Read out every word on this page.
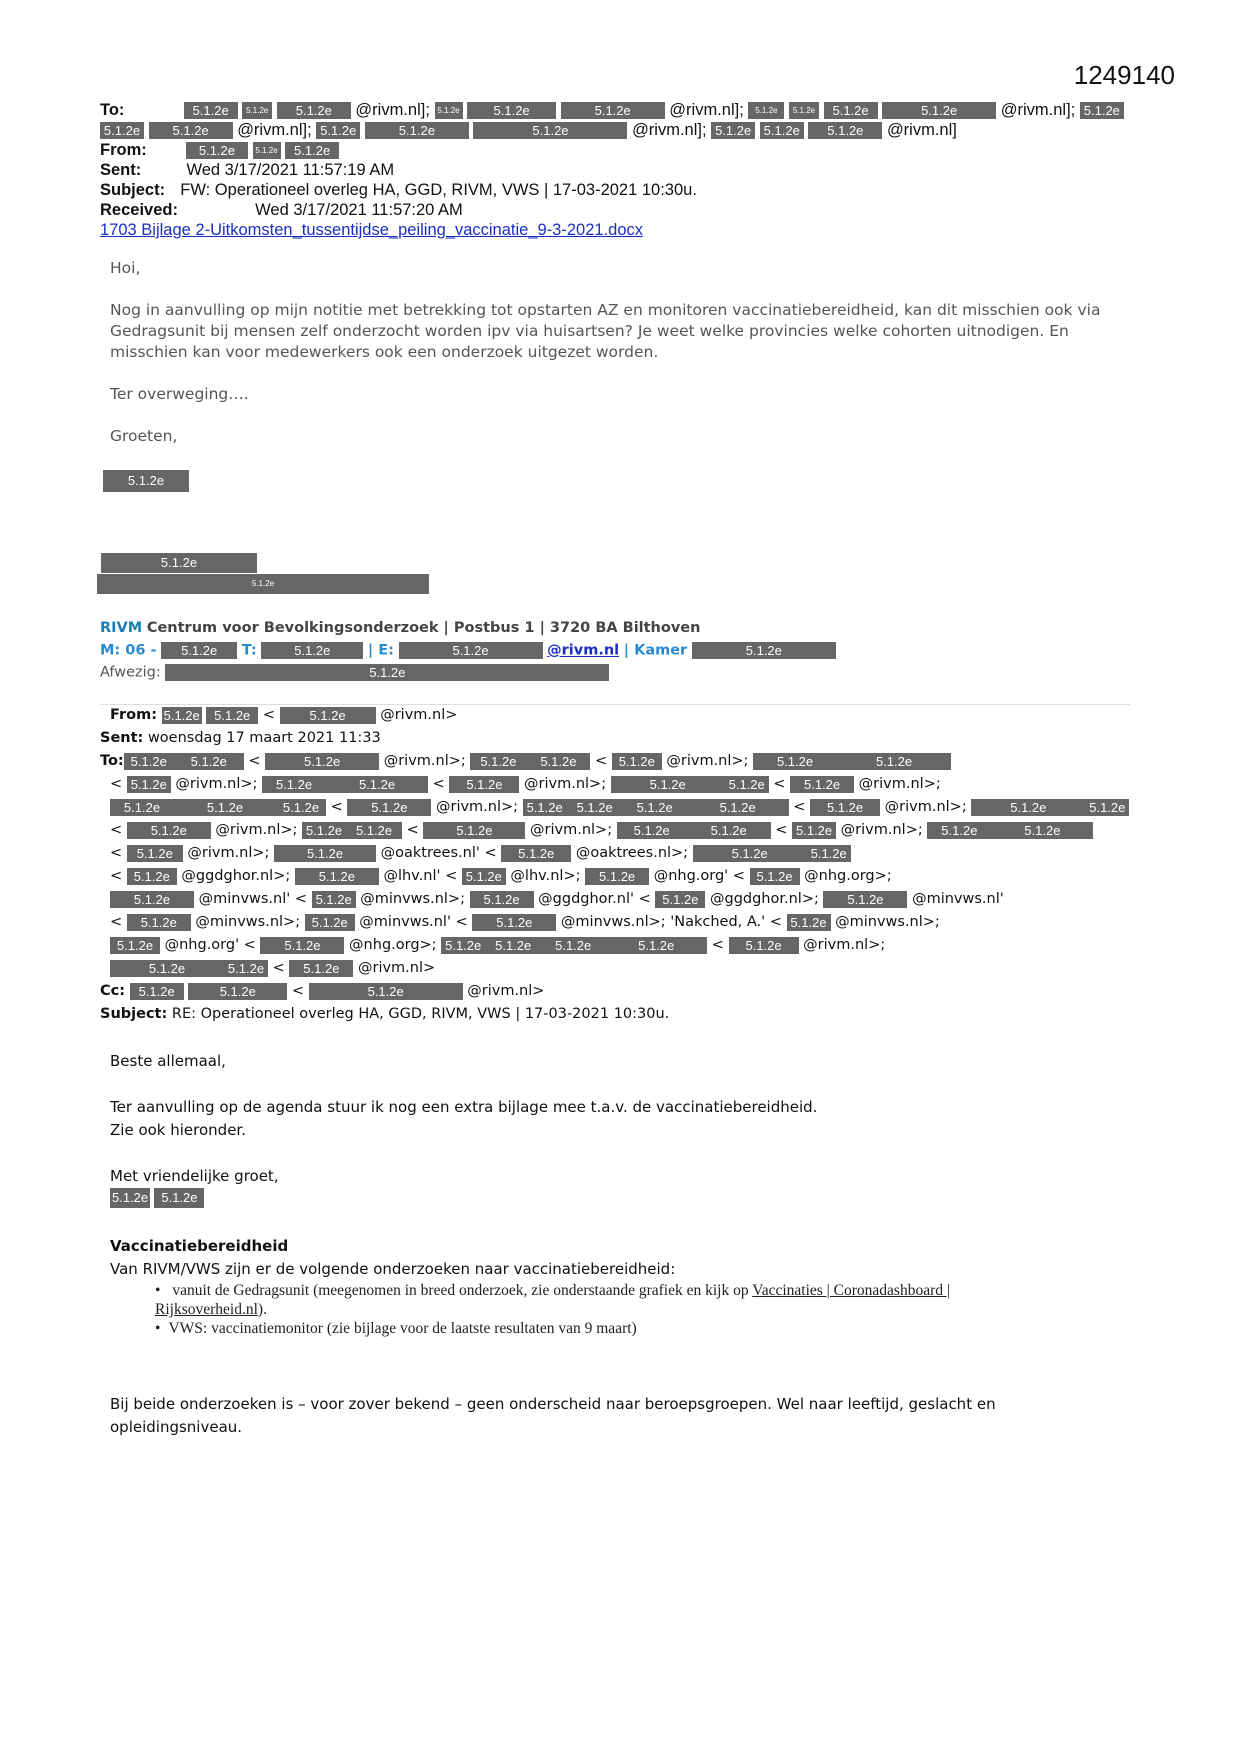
1249140
To:	5.1.2e 5.1.2e 5.1.2e @rivm.nl]; 5.1.2e	5.1.2e	5.1.2e @rivm.nl]; 5.1.2e 5.1.2e 5.1.2e	5.1.2e	@rivm.nl]; 5.1.2e
5.1.2e 5.1.2e @rivm.nl]; 5.1.2e	5.1.2e	5.1.2e	@rivm.nl]; 5.1.2e 5.1.2e 5.1.2e @rivm.nl]
From:	5.1.2e	5.1.2e 5.1.2e
Sent:	Wed 3/17/2021 11:57:19 AM
Subject: FW: Operationeel overleg HA, GGD, RIVM, VWS | 17-03-2021 10:30u.
Received:	Wed 3/17/2021 11:57:20 AM
1703 Bijlage 2-Uitkomsten_tussentijdse_peiling_vaccinatie_9-3-2021.docx
Hoi,
Nog in aanvulling op mijn notitie met betrekking tot opstarten AZ en monitoren vaccinatiebereidheid, kan dit misschien ook via Gedragsunit bij mensen zelf onderzocht worden ipv via huisartsen? Je weet welke provincies welke cohorten uitnodigen. En misschien kan voor medewerkers ook een onderzoek uitgezet worden.
Ter overweging….
Groeten,
5.1.2e
5.1.2e
5.1.2e
RIVM Centrum voor Bevolkingsonderzoek | Postbus 1 | 3720 BA Bilthoven
M: 06 - 5.1.2e T:	5.1.2e	| E:	5.1.2e	@rivm.nl | Kamer	5.1.2e
Afwezig:	5.1.2e
From: 5.1.2e 5.1.2e < 5.1.2e @rivm.nl>
Sent: woensdag 17 maart 2021 11:33
To: 5.1.2e 5.1.2e <	5.1.2e	@rivm.nl>; 5.1.2e 5.1.2e < 5.1.2e @rivm.nl>; 5.1.2e	5.1.2e
< 5.1.2e @rivm.nl>; 5.1.2e	5.1.2e < 5.1.2e @rivm.nl>;	5.1.2e	5.1.2e < 5.1.2e @rivm.nl>;
5.1.2e	5.1.2e	5.1.2e < 5.1.2e @rivm.nl>; 5.1.2e 5.1.2e 5.1.2e	5.1.2e < 5.1.2e @rivm.nl>;	5.1.2e	5.1.2e
< 5.1.2e @rivm.nl>; 5.1.2e 5.1.2e <	5.1.2e @rivm.nl>; 5.1.2e	5.1.2e < 5.1.2e @rivm.nl>; 5.1.2e	5.1.2e
< 5.1.2e @rivm.nl>;	5.1.2e @oaktrees.nl' < 5.1.2e @oaktrees.nl>;	5.1.2e	5.1.2e
< 5.1.2e @ggdghor.nl>; 5.1.2e @lhv.nl' < 5.1.2e @lhv.nl>; 5.1.2e @nhg.org' < 5.1.2e @nhg.org>;
5.1.2e @minvws.nl' < 5.1.2e @minvws.nl>; 5.1.2e @ggdghor.nl' < 5.1.2e @ggdghor.nl>; 5.1.2e @minvws.nl'
< 5.1.2e @minvws.nl>; 5.1.2e @minvws.nl' < 5.1.2e @minvws.nl>; 'Nakched, A.' < 5.1.2e @minvws.nl>;
5.1.2e @nhg.org' < 5.1.2e @nhg.org>; 5.1.2e 5.1.2e 5.1.2e	5.1.2e < 5.1.2e @rivm.nl>;
5.1.2e	5.1.2e < 5.1.2e @rivm.nl>
Cc: 5.1.2e	5.1.2e <	5.1.2e	@rivm.nl>
Subject: RE: Operationeel overleg HA, GGD, RIVM, VWS | 17-03-2021 10:30u.
Beste allemaal,
Ter aanvulling op de agenda stuur ik nog een extra bijlage mee t.a.v. de vaccinatiebereidheid.
Zie ook hieronder.
Met vriendelijke groet,
5.1.2e 5.1.2e
Vaccinatiebereidheid
Van RIVM/VWS zijn er de volgende onderzoeken naar vaccinatiebereidheid:
• vanuit de Gedragsunit (meegenomen in breed onderzoek, zie onderstaande grafiek en kijk op Vaccinaties | Coronadashboard | Rijksoverheid.nl).
• VWS: vaccinatiemonitor (zie bijlage voor de laatste resultaten van 9 maart)
Bij beide onderzoeken is – voor zover bekend – geen onderscheid naar beroepsgroepen. Wel naar leeftijd, geslacht en opleidingsniveau.
